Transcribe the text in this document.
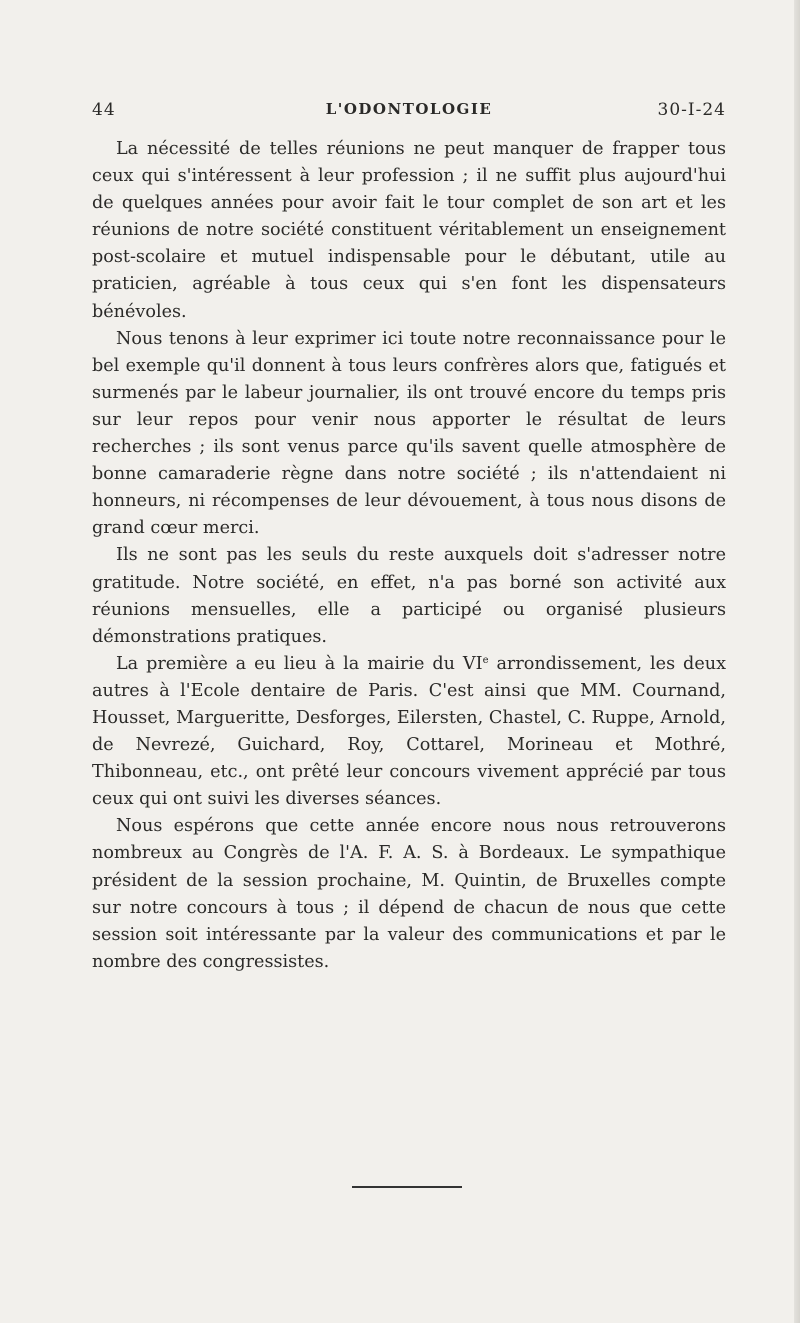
44	L'ODONTOLOGIE	30-I-24

La nécessité de telles réunions ne peut manquer de frapper tous ceux qui s'intéressent à leur profession ; il ne suffit plus aujourd'hui de quelques années pour avoir fait le tour complet de son art et les réunions de notre société constituent véritablement un enseignement post-scolaire et mutuel indispensable pour le débutant, utile au praticien, agréable à tous ceux qui s'en font les dispensateurs bénévoles.

Nous tenons à leur exprimer ici toute notre reconnaissance pour le bel exemple qu'il donnent à tous leurs confrères alors que, fatigués et surmenés par le labeur journalier, ils ont trouvé encore du temps pris sur leur repos pour venir nous apporter le résultat de leurs recherches ; ils sont venus parce qu'ils savent quelle atmosphère de bonne camaraderie règne dans notre société ; ils n'attendaient ni honneurs, ni récompenses de leur dévouement, à tous nous disons de grand cœur merci.

Ils ne sont pas les seuls du reste auxquels doit s'adresser notre gratitude. Notre société, en effet, n'a pas borné son activité aux réunions mensuelles, elle a participé ou organisé plusieurs démonstrations pratiques.

La première a eu lieu à la mairie du VIe arrondissement, les deux autres à l'Ecole dentaire de Paris. C'est ainsi que MM. Cournand, Housset, Margueritte, Desforges, Eilersten, Chastel, C. Ruppe, Arnold, de Nevrezé, Guichard, Roy, Cottarel, Morineau et Mothré, Thibonneau, etc., ont prêté leur concours vivement apprécié par tous ceux qui ont suivi les diverses séances.

Nous espérons que cette année encore nous nous retrouverons nombreux au Congrès de l'A. F. A. S. à Bordeaux. Le sympathique président de la session prochaine, M. Quintin, de Bruxelles compte sur notre concours à tous ; il dépend de chacun de nous que cette session soit intéressante par la valeur des communications et par le nombre des congressistes.
